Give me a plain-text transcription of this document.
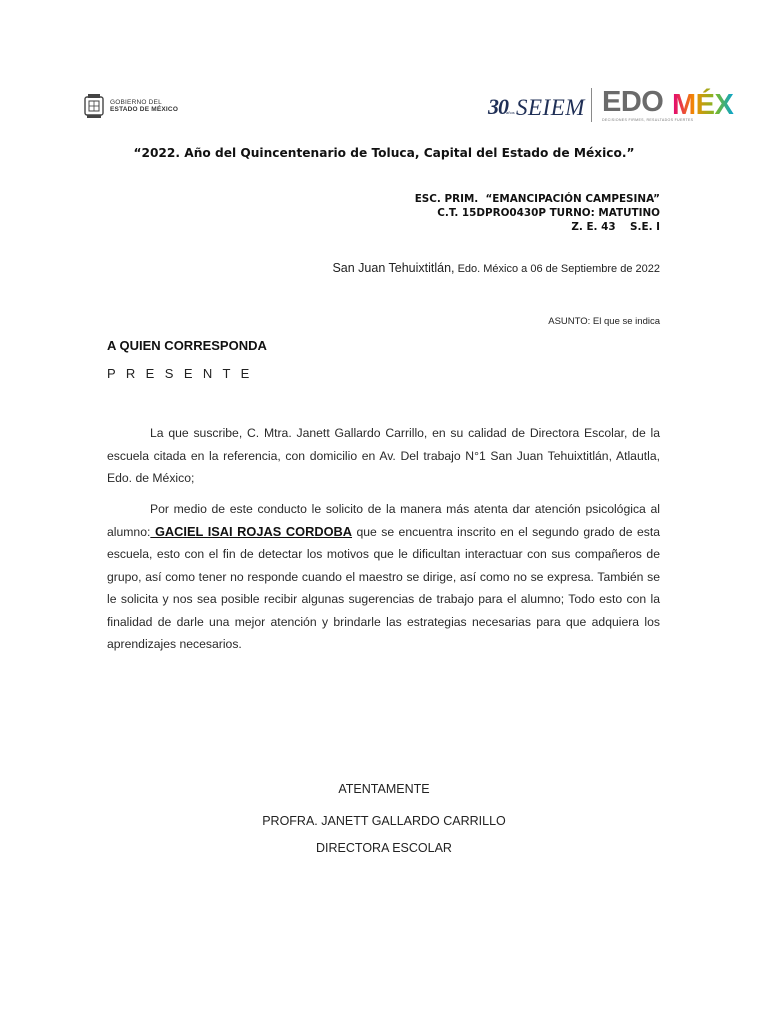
GOBIERNO DEL
ESTADO DE MÉXICO	30
años SEIEM EDO MÉX
DECISIONES FIRMES, RESULTADOS FUERTES
“2022. Año del Quincentenario de Toluca, Capital del Estado de México.”
ESC. PRIM.  “EMANCIPACIÓN CAMPESINA”
C.T. 15DPRO0430P TURNO: MATUTINO
Z. E. 43    S.E. I
San Juan Tehuixtitlán, Edo. México a 06 de Septiembre de 2022
ASUNTO: El que se indica
A QUIEN CORRESPONDA
P R E S E N T E
La que suscribe, C. Mtra. Janett Gallardo Carrillo, en su calidad de Directora Escolar, de la escuela citada en la referencia, con domicilio en Av. Del trabajo N°1 San Juan Tehuixtitlán, Atlautla, Edo. de México;
Por medio de este conducto le solicito de la manera más atenta dar atención psicológica al alumno: GACIEL ISAI ROJAS CORDOBA que se encuentra inscrito en el segundo grado de esta escuela, esto con el fin de detectar los motivos que le dificultan interactuar con sus compañeros de grupo, así como tener no responde cuando el maestro se dirige, así como no se expresa. También se le solicita y nos sea posible recibir algunas sugerencias de trabajo para el alumno; Todo esto con la finalidad de darle una mejor atención y brindarle las estrategias necesarias para que adquiera los aprendizajes necesarios.
ATENTAMENTE
PROFRA. JANETT GALLARDO CARRILLO
DIRECTORA ESCOLAR
